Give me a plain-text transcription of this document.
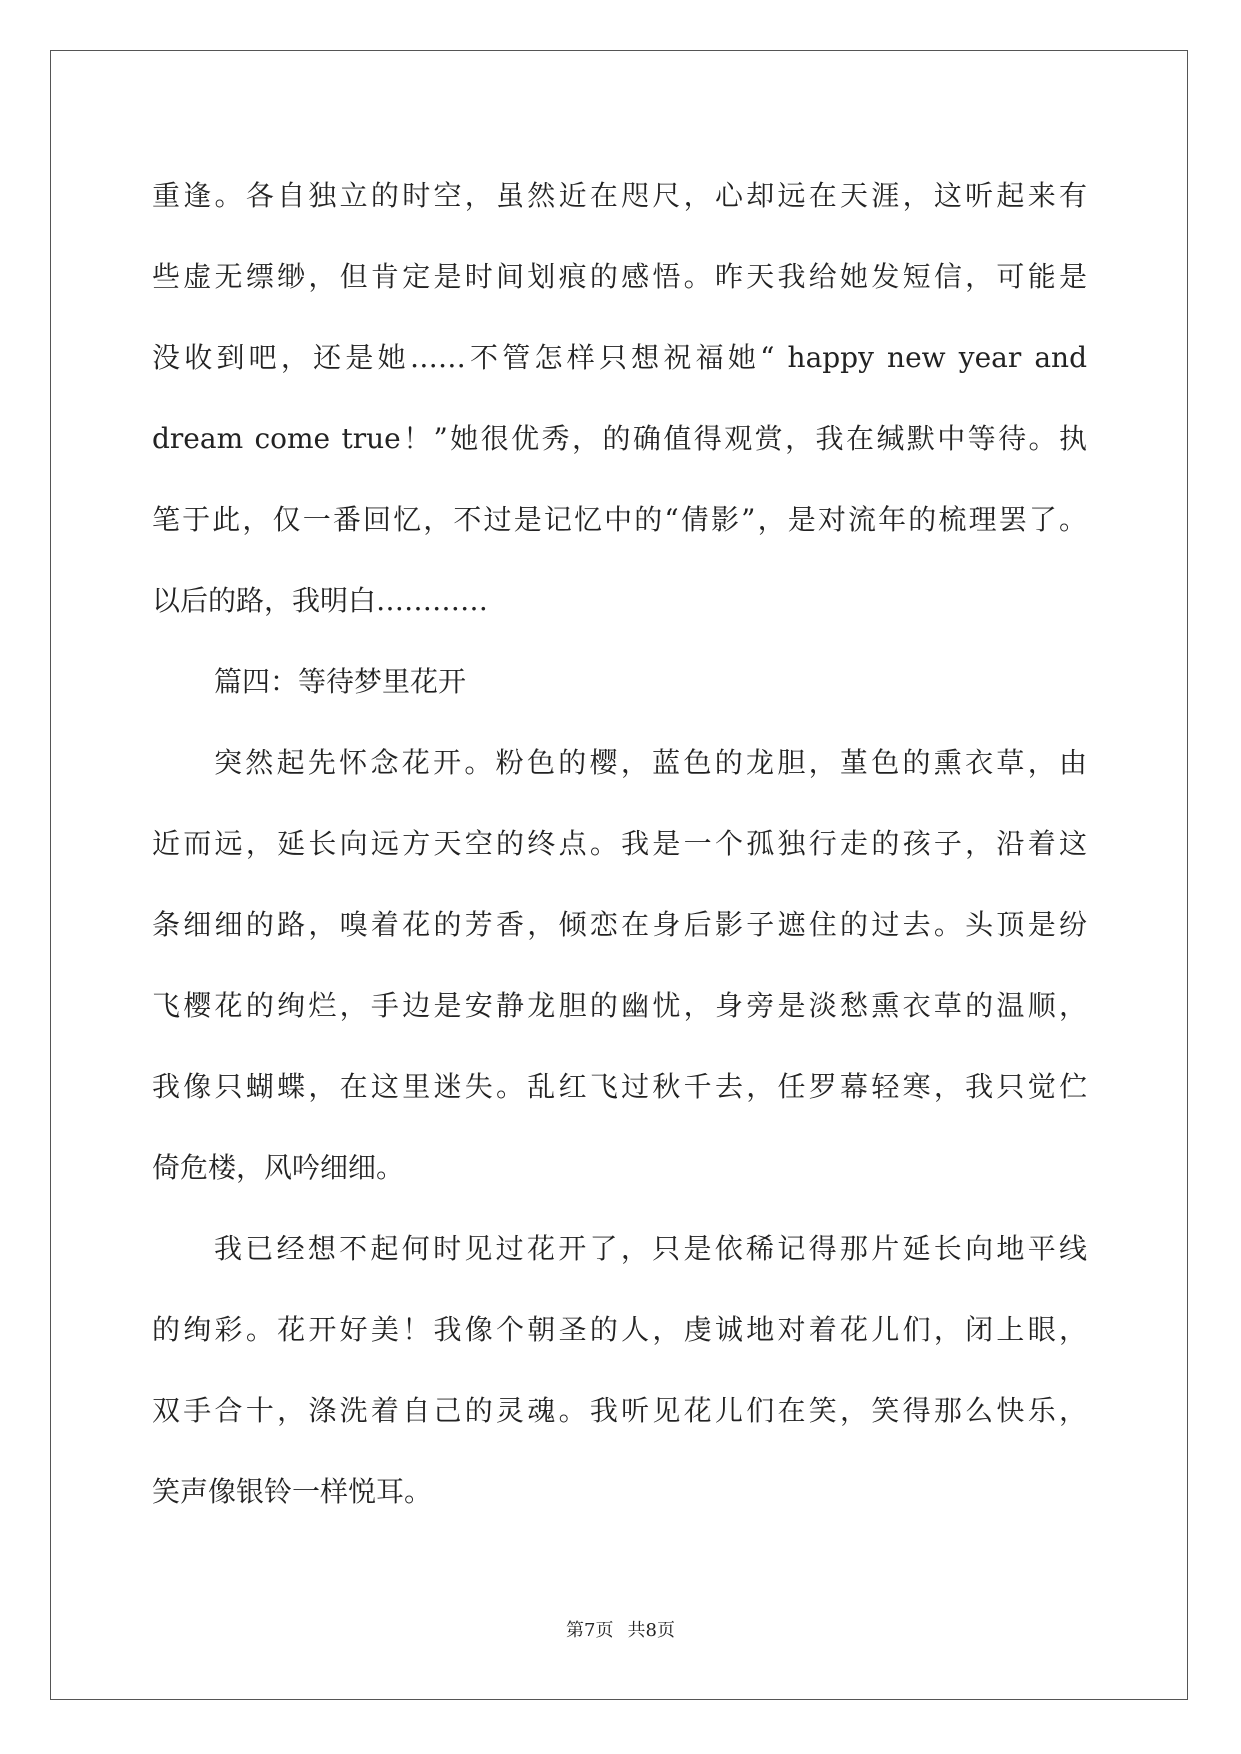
重逢。各自独立的时空，虽然近在咫尺，心却远在天涯，这听起来有
些虚无缥缈，但肯定是时间划痕的感悟。昨天我给她发短信，可能是
没收到吧，还是她……不管怎样只想祝福她“ happy new year and
dream come true！”她很优秀，的确值得观赏，我在缄默中等待。执
笔于此，仅一番回忆，不过是记忆中的“倩影”，是对流年的梳理罢了。
以后的路，我明白…………
篇四：等待梦里花开
突然起先怀念花开。粉色的樱，蓝色的龙胆，堇色的熏衣草，由
近而远，延长向远方天空的终点。我是一个孤独行走的孩子，沿着这
条细细的路，嗅着花的芳香，倾恋在身后影子遮住的过去。头顶是纷
飞樱花的绚烂，手边是安静龙胆的幽忧，身旁是淡愁熏衣草的温顺，
我像只蝴蝶，在这里迷失。乱红飞过秋千去，任罗幕轻寒，我只觉伫
倚危楼，风吟细细。
我已经想不起何时见过花开了，只是依稀记得那片延长向地平线
的绚彩。花开好美！我像个朝圣的人，虔诚地对着花儿们，闭上眼，
双手合十，涤洗着自己的灵魂。我听见花儿们在笑，笑得那么快乐，
笑声像银铃一样悦耳。
第7页 共8页
